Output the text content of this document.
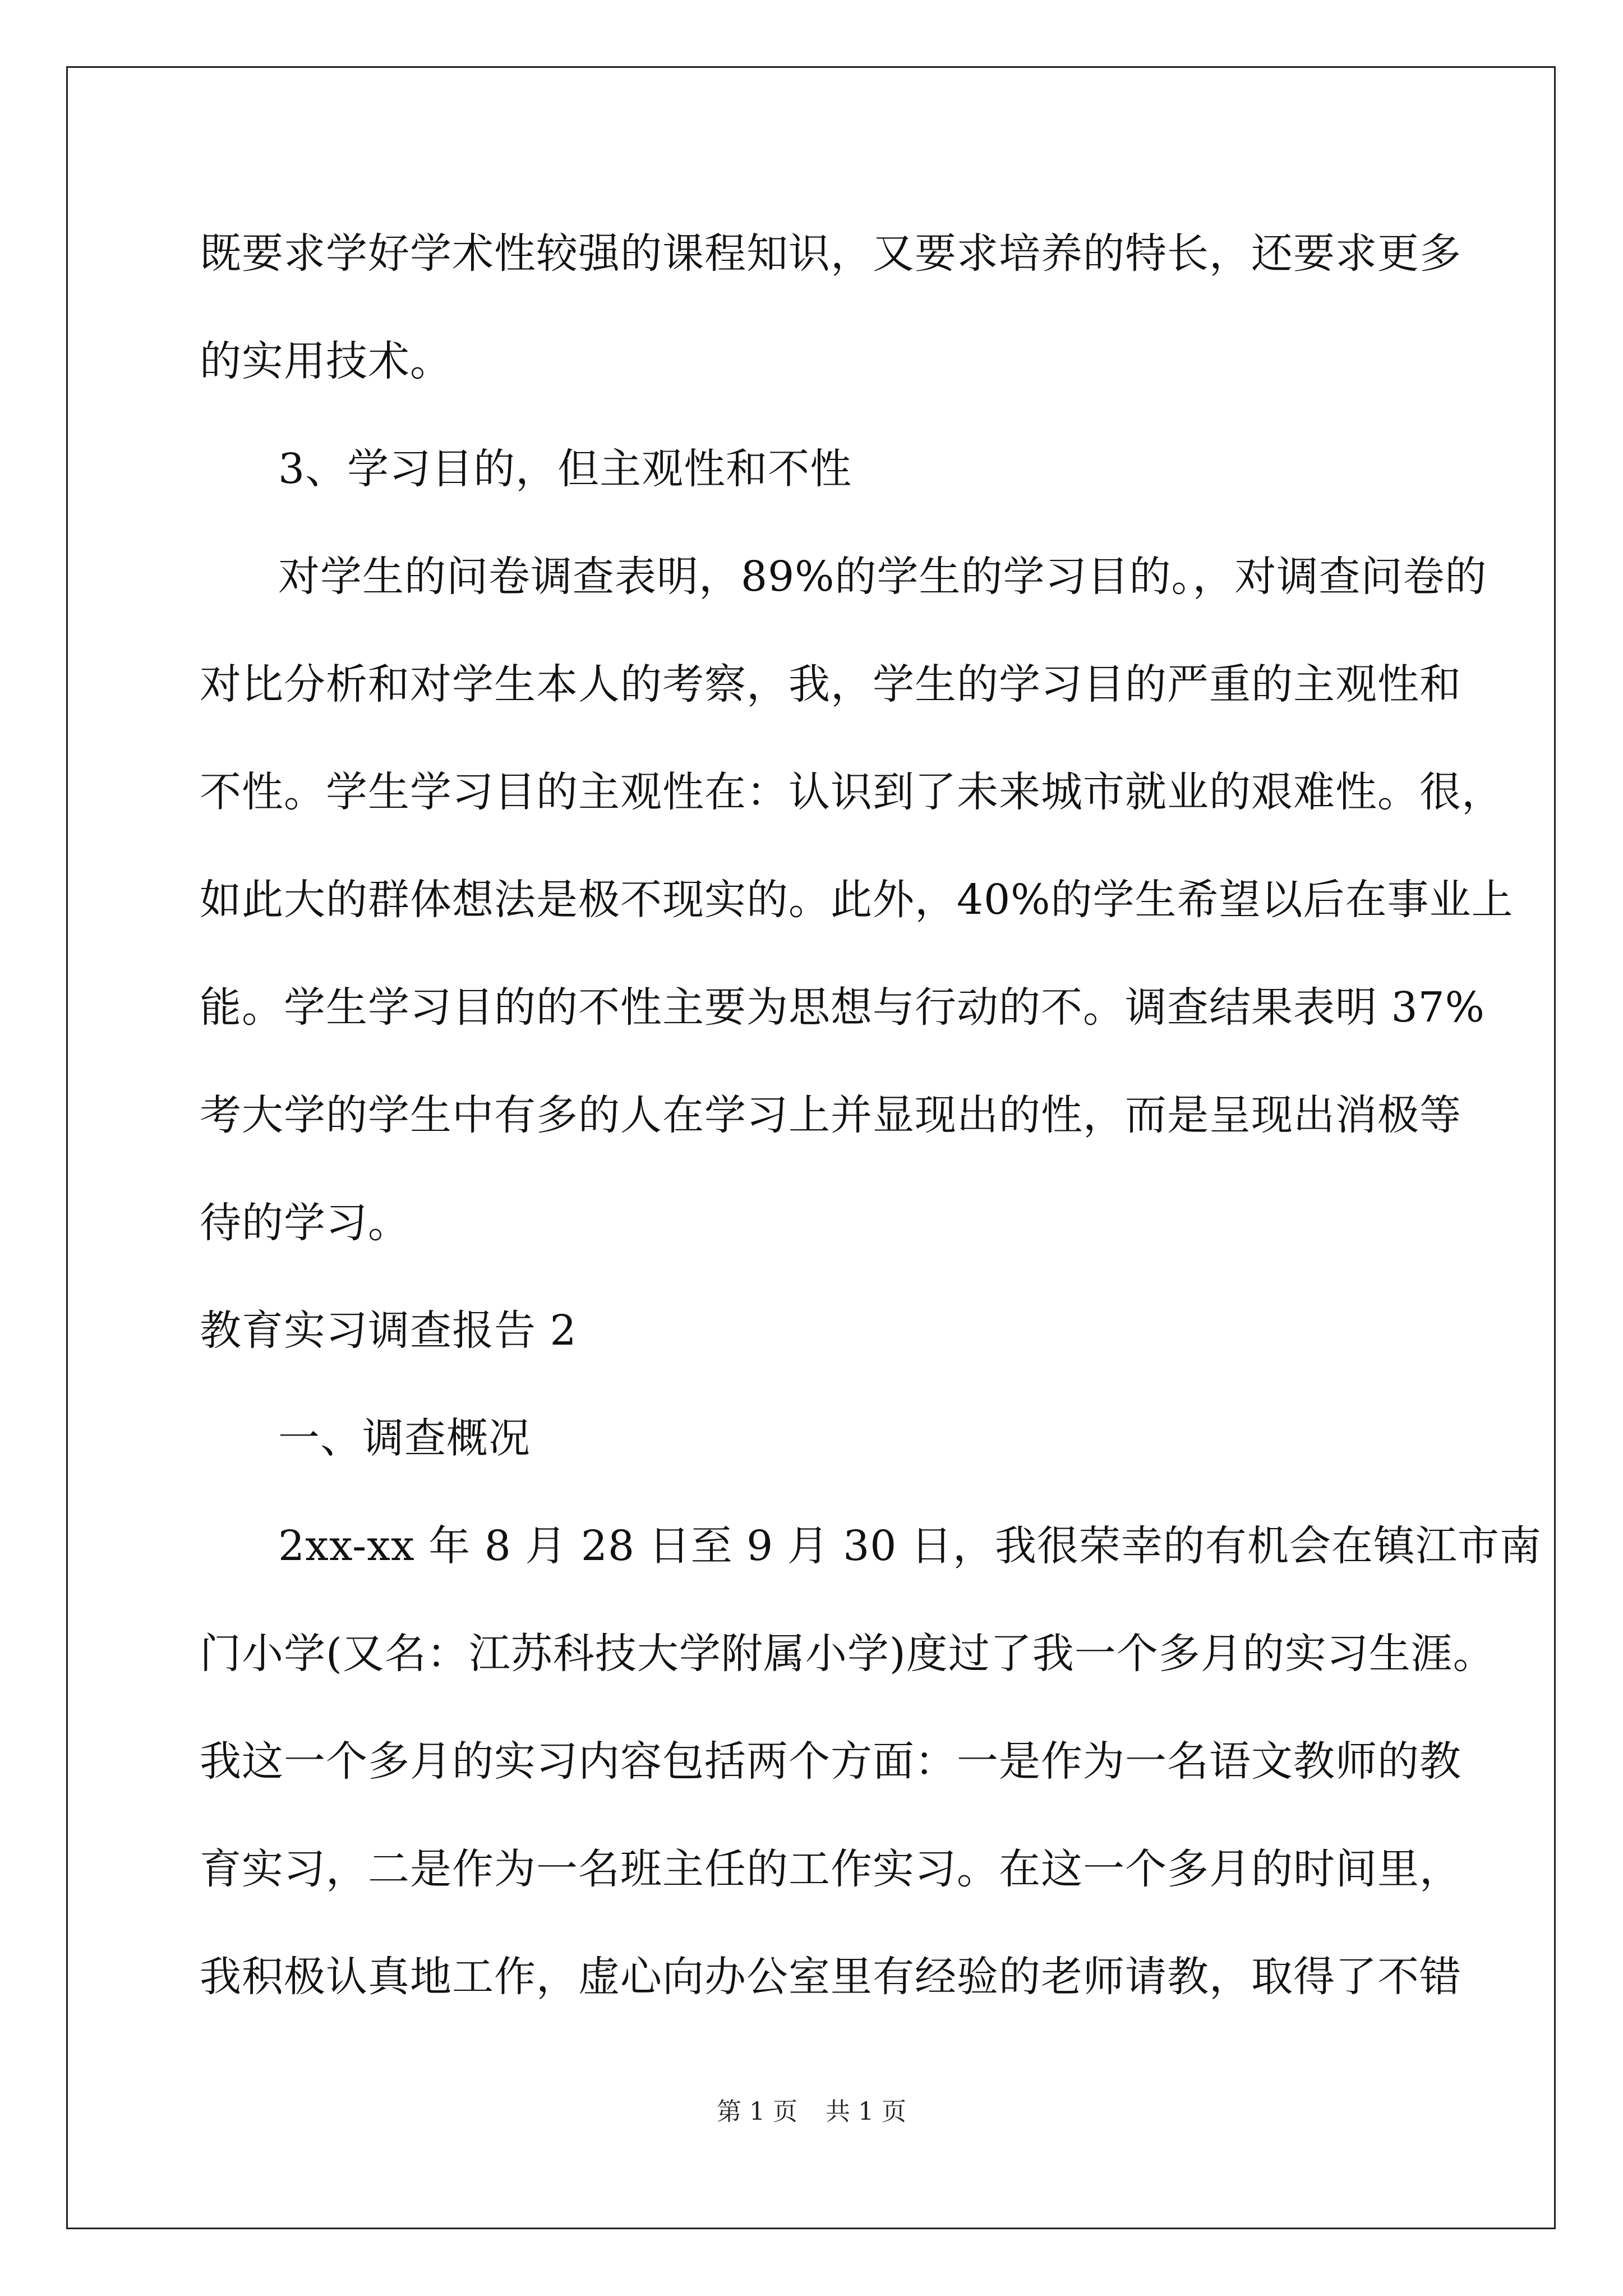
既要求学好学术性较强的课程知识，又要求培养的特长，还要求更多
的实用技术。
3、学习目的，但主观性和不性
对学生的问卷调查表明，89%的学生的学习目的。，对调查问卷的
对比分析和对学生本人的考察，我，学生的学习目的严重的主观性和
不性。学生学习目的主观性在：认识到了未来城市就业的艰难性。很，
如此大的群体想法是极不现实的。此外，40%的学生希望以后在事业上
能。学生学习目的的不性主要为思想与行动的不。调查结果表明 37%
考大学的学生中有多的人在学习上并显现出的性，而是呈现出消极等
待的学习。
教育实习调查报告 2
一、调查概况
2xx-xx 年 8 月 28 日至 9 月 30 日，我很荣幸的有机会在镇江市南
门小学(又名：江苏科技大学附属小学)度过了我一个多月的实习生涯。
我这一个多月的实习内容包括两个方面：一是作为一名语文教师的教
育实习，二是作为一名班主任的工作实习。在这一个多月的时间里，
我积极认真地工作，虚心向办公室里有经验的老师请教，取得了不错
第 1 页 共 1 页
